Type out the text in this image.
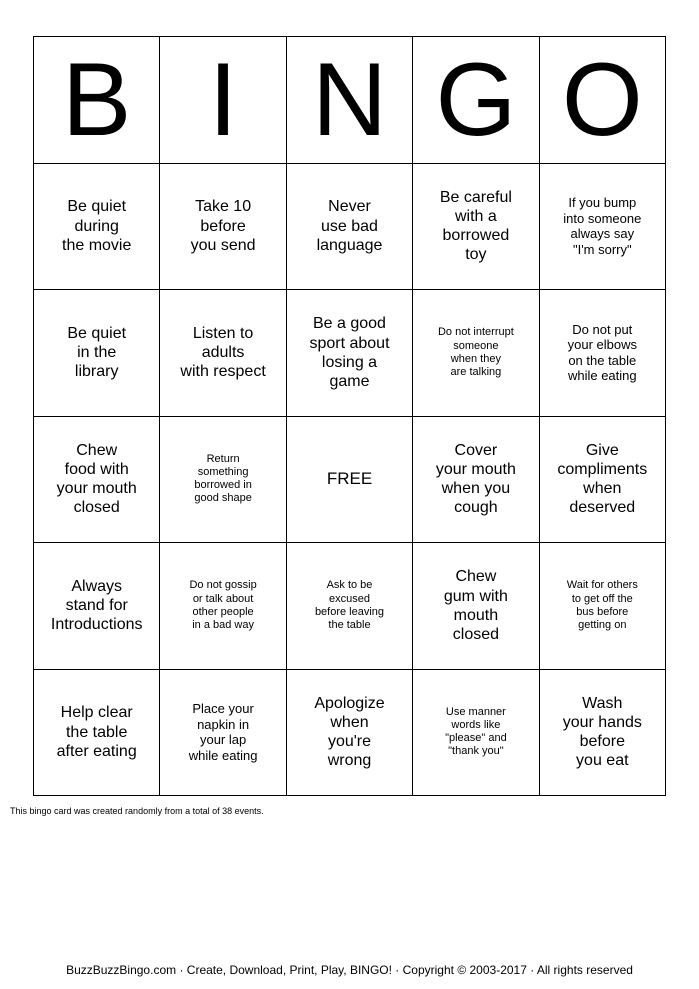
B I N G O
Be quiet
during
the movie
Take 10
before
you send
Never
use bad
language
Be careful
with a
borrowed
toy
If you bump
into someone
always say
"I'm sorry"
Be quiet
in the
library
Listen to
adults
with respect
Be a good
sport about
losing a
game
Do not interrupt
someone
when they
are talking
Do not put
your elbows
on the table
while eating
Chew
food with
your mouth
closed
Return
something
borrowed in
good shape
FREE
Cover
your mouth
when you
cough
Give
compliments
when
deserved
Always
stand for
Introductions
Do not gossip
or talk about
other people
in a bad way
Ask to be
excused
before leaving
the table
Chew
gum with
mouth
closed
Wait for others
to get off the
bus before
getting on
Help clear
the table
after eating
Place your
napkin in
your lap
while eating
Apologize
when
you're
wrong
Use manner
words like
"please" and
"thank you"
Wash
your hands
before
you eat
This bingo card was created randomly from a total of 38 events.
BuzzBuzzBingo.com · Create, Download, Print, Play, BINGO! · Copyright © 2003-2017 · All rights reserved
